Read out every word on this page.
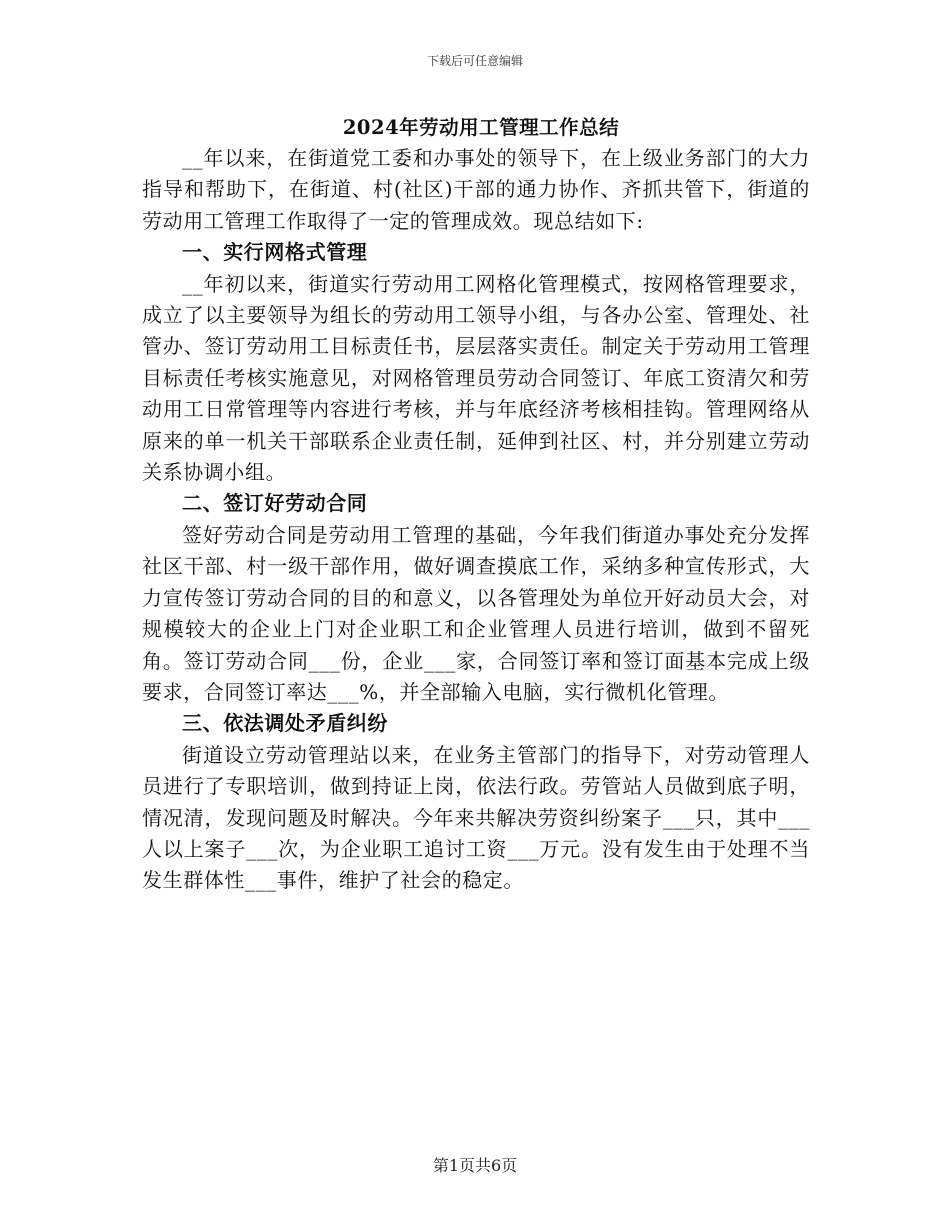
下载后可任意编辑
2024年劳动用工管理工作总结

__年以来，在街道党工委和办事处的领导下，在上级业务部门的大力指导和帮助下，在街道、村(社区)干部的通力协作、齐抓共管下，街道的劳动用工管理工作取得了一定的管理成效。现总结如下:

一、实行网格式管理

__年初以来，街道实行劳动用工网格化管理模式，按网格管理要求，成立了以主要领导为组长的劳动用工领导小组，与各办公室、管理处、社管办、签订劳动用工目标责任书，层层落实责任。制定关于劳动用工管理目标责任考核实施意见，对网格管理员劳动合同签订、年底工资清欠和劳动用工日常管理等内容进行考核，并与年底经济考核相挂钩。管理网络从原来的单一机关干部联系企业责任制，延伸到社区、村，并分别建立劳动关系协调小组。

二、签订好劳动合同

签好劳动合同是劳动用工管理的基础，今年我们街道办事处充分发挥社区干部、村一级干部作用，做好调查摸底工作，采纳多种宣传形式，大力宣传签订劳动合同的目的和意义，以各管理处为单位开好动员大会，对规模较大的企业上门对企业职工和企业管理人员进行培训，做到不留死角。签订劳动合同___份，企业___家，合同签订率和签订面基本完成上级要求，合同签订率达___%，并全部输入电脑，实行微机化管理。

三、依法调处矛盾纠纷

街道设立劳动管理站以来，在业务主管部门的指导下，对劳动管理人员进行了专职培训，做到持证上岗，依法行政。劳管站人员做到底子明，情况清，发现问题及时解决。今年来共解决劳资纠纷案子___只，其中___人以上案子___次，为企业职工追讨工资___万元。没有发生由于处理不当发生群体性___事件，维护了社会的稳定。

第1页共6页
